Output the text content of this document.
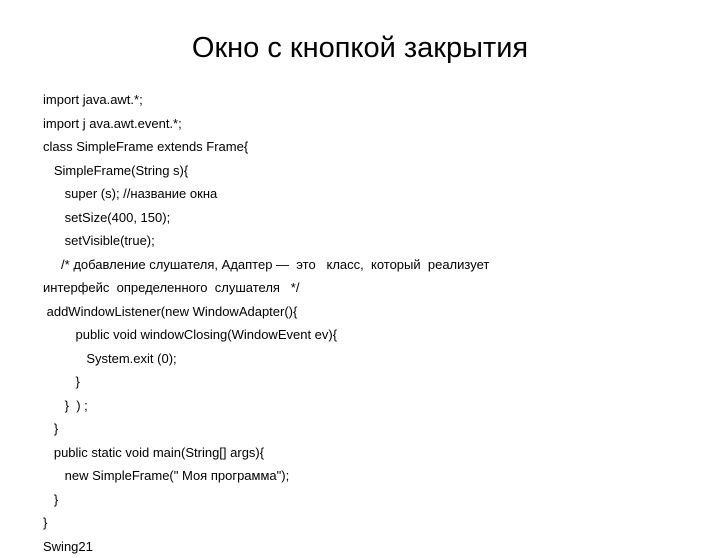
Окно с кнопкой закрытия
import java.awt.*;
import j ava.awt.event.*;
class SimpleFrame extends Frame{
SimpleFrame(String s){
super (s); //название окна
setSize(400, 150);
setVisible(true);
/* добавление слушателя, Адаптер —  это   класс,  который  реализует
интерфейс  определенного  слушателя   */
addWindowListener(new WindowAdapter(){
public void windowClosing(WindowEvent ev){
System.exit (0);
}
}  ) ;
}
public static void main(String[] args){
new SimpleFrame(" Моя программа");
}
}
Swing21
